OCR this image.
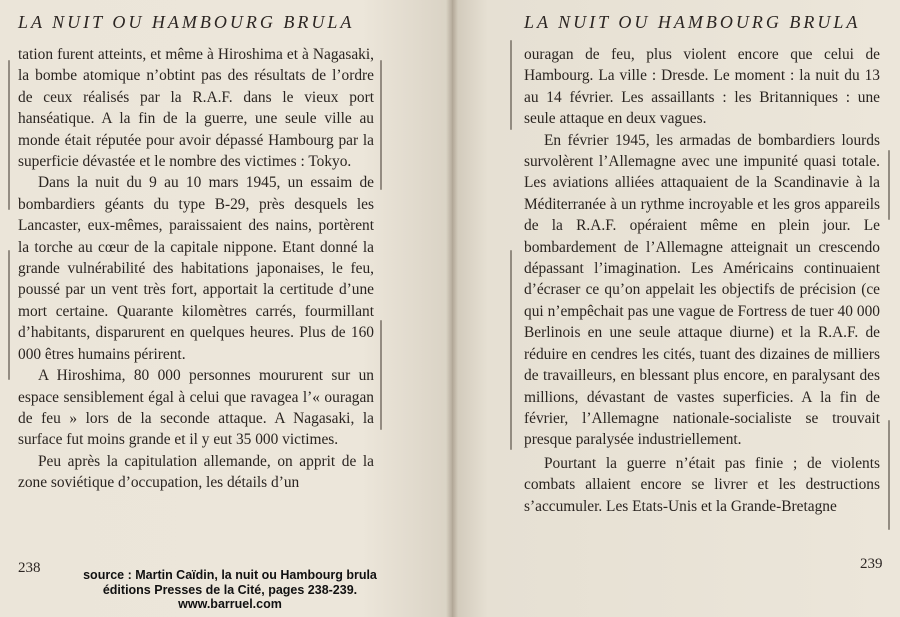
LA NUIT OU HAMBOURG BRULA

tation furent atteints, et même à Hiroshima et à Nagasaki, la bombe atomique n’obtint pas des résultats de l’ordre de ceux réalisés par la R.A.F. dans le vieux port hanséatique. A la fin de la guerre, une seule ville au monde était réputée pour avoir dépassé Hambourg par la superficie dévastée et le nombre des victimes : Tokyo.

Dans la nuit du 9 au 10 mars 1945, un essaim de bombardiers géants du type B-29, près desquels les Lancaster, eux-mêmes, paraissaient des nains, portèrent la torche au cœur de la capitale nippone. Etant donné la grande vulnérabilité des habitations japonaises, le feu, poussé par un vent très fort, apportait la certitude d’une mort certaine. Quarante kilomètres carrés, fourmillant d’habitants, disparurent en quelques heures. Plus de 160 000 êtres humains périrent.

A Hiroshima, 80 000 personnes moururent sur un espace sensiblement égal à celui que ravagea l’« ouragan de feu » lors de la seconde attaque. A Nagasaki, la surface fut moins grande et il y eut 35 000 victimes.

Peu après la capitulation allemande, on apprit de la zone soviétique d’occupation, les détails d’un

238
LA NUIT OU HAMBOURG BRULA

ouragan de feu, plus violent encore que celui de Hambourg. La ville : Dresde. Le moment : la nuit du 13 au 14 février. Les assaillants : les Britanniques : une seule attaque en deux vagues.

En février 1945, les armadas de bombardiers lourds survolèrent l’Allemagne avec une impunité quasi totale. Les aviations alliées attaquaient de la Scandinavie à la Méditerranée à un rythme incroyable et les gros appareils de la R.A.F. opéraient même en plein jour. Le bombardement de l’Allemagne atteignait un crescendo dépassant l’imagination. Les Américains continuaient d’écraser ce qu’on appelait les objectifs de précision (ce qui n’empêchait pas une vague de Fortress de tuer 40 000 Berlinois en une seule attaque diurne) et la R.A.F. de réduire en cendres les cités, tuant des dizaines de milliers de travailleurs, en blessant plus encore, en paralysant des millions, dévastant de vastes superficies. A la fin de février, l’Allemagne nationale-socialiste se trouvait presque paralysée industriellement.

Pourtant la guerre n’était pas finie ; de violents combats allaient encore se livrer et les destructions s’accumuler. Les Etats-Unis et la Grande-Bretagne

239
source : Martin Caïdin, la nuit ou Hambourg brula
éditions Presses de la Cité, pages 238-239.
www.barruel.com
